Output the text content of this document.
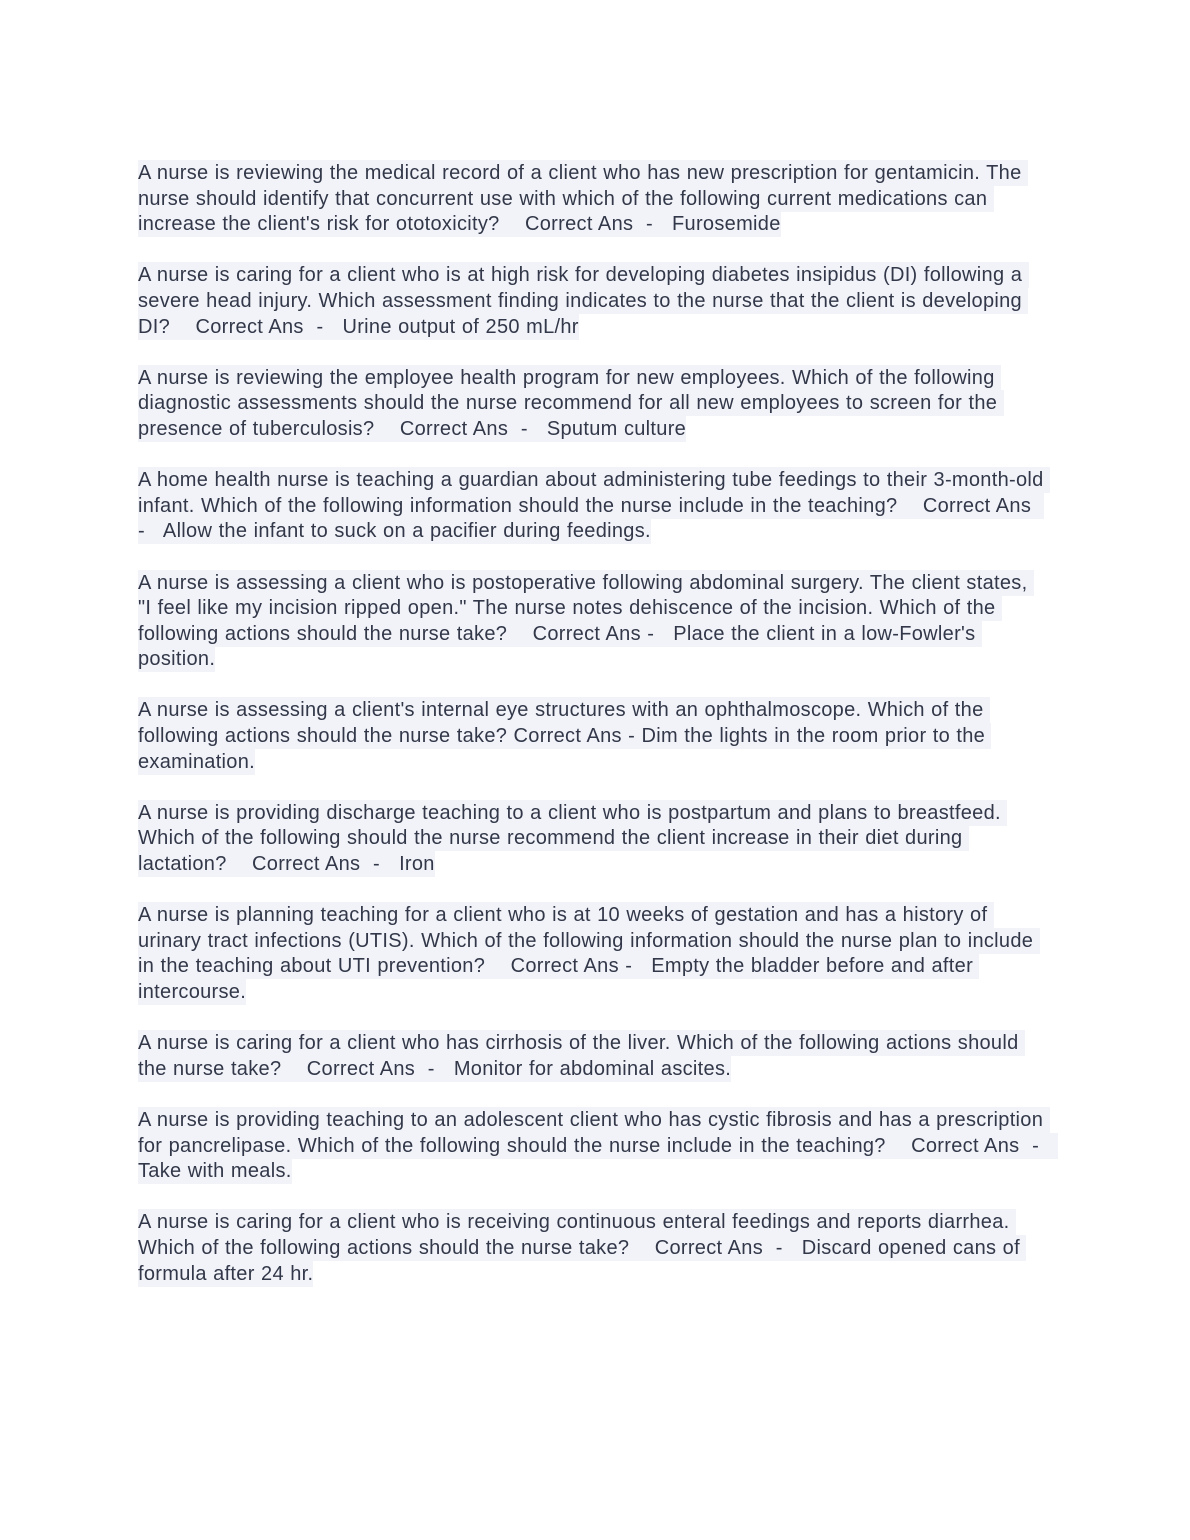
A nurse is reviewing the medical record of a client who has new prescription for gentamicin. The nurse should identify that concurrent use with which of the following current medications can increase the client's risk for ototoxicity?    Correct Ans  -   Furosemide

A nurse is caring for a client who is at high risk for developing diabetes insipidus (DI) following a severe head injury. Which assessment finding indicates to the nurse that the client is developing DI?    Correct Ans  -   Urine output of 250 mL/hr

A nurse is reviewing the employee health program for new employees. Which of the following diagnostic assessments should the nurse recommend for all new employees to screen for the presence of tuberculosis?    Correct Ans  -   Sputum culture

A home health nurse is teaching a guardian about administering tube feedings to their 3-month-old infant. Which of the following information should the nurse include in the teaching?    Correct Ans  -   Allow the infant to suck on a pacifier during feedings.

A nurse is assessing a client who is postoperative following abdominal surgery. The client states, "I feel like my incision ripped open." The nurse notes dehiscence of the incision. Which of the following actions should the nurse take?    Correct Ans -   Place the client in a low-Fowler's position.

A nurse is assessing a client's internal eye structures with an ophthalmoscope. Which of the following actions should the nurse take? Correct Ans - Dim the lights in the room prior to the examination.

A nurse is providing discharge teaching to a client who is postpartum and plans to breastfeed. Which of the following should the nurse recommend the client increase in their diet during lactation?    Correct Ans  -   Iron

A nurse is planning teaching for a client who is at 10 weeks of gestation and has a history of urinary tract infections (UTIS). Which of the following information should the nurse plan to include in the teaching about UTI prevention?    Correct Ans -   Empty the bladder before and after intercourse.

A nurse is caring for a client who has cirrhosis of the liver. Which of the following actions should the nurse take?    Correct Ans  -   Monitor for abdominal ascites.

A nurse is providing teaching to an adolescent client who has cystic fibrosis and has a prescription for pancrelipase. Which of the following should the nurse include in the teaching?    Correct Ans  -   Take with meals.

A nurse is caring for a client who is receiving continuous enteral feedings and reports diarrhea. Which of the following actions should the nurse take?    Correct Ans  -   Discard opened cans of formula after 24 hr.
